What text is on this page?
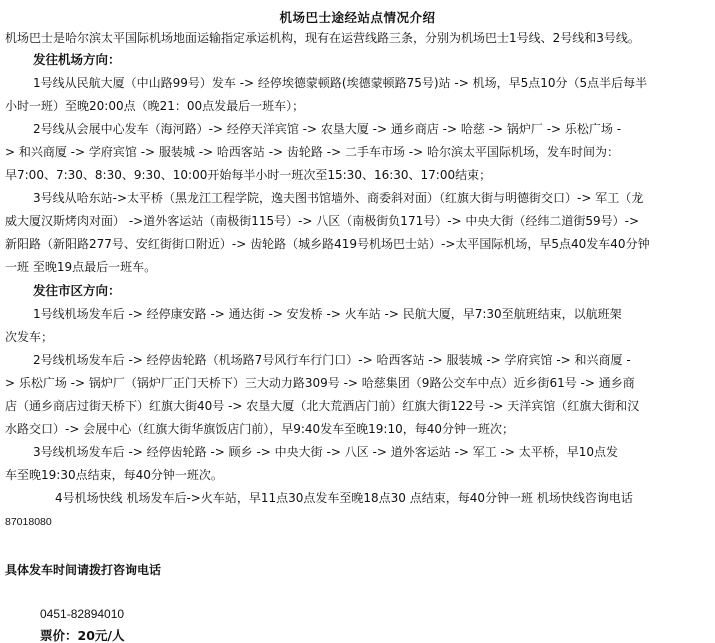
机场巴士途经站点情况介绍
机场巴士是哈尔滨太平国际机场地面运输指定承运机构，现有在运营线路三条，分别为机场巴士1号线、2号线和3号线。
发往机场方向：
1号线从民航大厦（中山路99号）发车 -> 经停埃德蒙顿路(埃德蒙顿路75号)站 -> 机场，早5点10分（5点半后每半
小时一班）至晚20:00点（晚21：00点发最后一班车）；
2号线从会展中心发车（海河路）-> 经停天洋宾馆 -> 农垦大厦 -> 通乡商店 -> 哈慈 -> 锅炉厂 -> 乐松广场 -
> 和兴商厦 -> 学府宾馆 -> 服装城 -> 哈西客站 -> 齿轮路 -> 二手车市场 -> 哈尔滨太平国际机场，发车时间为：
早7:00、7:30、8:30、9:30、10:00开始每半小时一班次至15:30、16:30、17:00结束；
3号线从哈东站->太平桥（黑龙江工程学院，逸夫图书馆墙外、商委斜对面）（红旗大街与明德街交口）-> 军工（龙
威大厦汉斯烤肉对面） ->道外客运站（南极街115号）-> 八区（南极街负171号）-> 中央大街（经纬二道街59号）->
新阳路（新阳路277号、安红街街口附近）-> 齿轮路（城乡路419号机场巴士站）->太平国际机场，早5点40发车40分钟
一班 至晚19点最后一班车。
发往市区方向：
1号线机场发车后 -> 经停康安路 -> 通达街 -> 安发桥 -> 火车站 -> 民航大厦，早7:30至航班结束，以航班架
次发车；
2号线机场发车后 -> 经停齿轮路（机场路7号风行车行门口）-> 哈西客站 -> 服装城 -> 学府宾馆 -> 和兴商厦 -
> 乐松广场 -> 锅炉厂（锅炉厂正门天桥下）三大动力路309号 -> 哈慈集团（9路公交车中点）近乡街61号 -> 通乡商
店（通乡商店过街天桥下）红旗大街40号 -> 农垦大厦（北大荒酒店门前）红旗大街122号 -> 天洋宾馆（红旗大街和汉
水路交口）-> 会展中心（红旗大街华旗饭店门前），早9:40发车至晚19:10，每40分钟一班次；
3号线机场发车后 -> 经停齿轮路 -> 顾乡 -> 中央大街 -> 八区 -> 道外客运站 -> 军工 -> 太平桥，早10点发
车至晚19:30点结束，每40分钟一班次。
4号机场快线 机场发车后->火车站，早11点30点发车至晚18点30 点结束，每40分钟一班 机场快线咨询电话
87018080
具体发车时间请拨打咨询电话
0451-82894010
票价：20元/人
